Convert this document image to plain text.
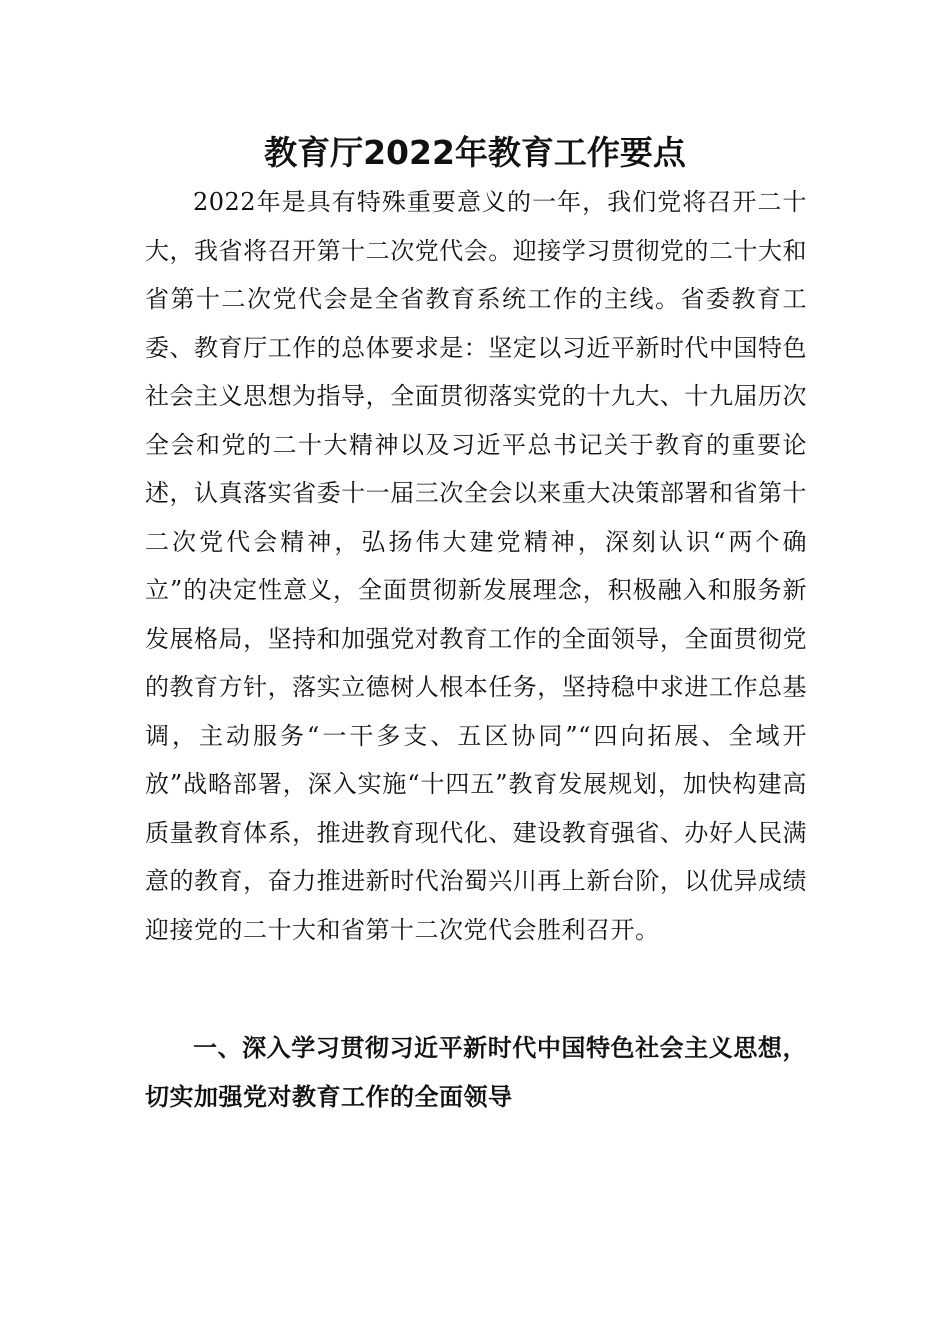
教育厅2022年教育工作要点

2022年是具有特殊重要意义的一年，我们党将召开二十大，我省将召开第十二次党代会。迎接学习贯彻党的二十大和省第十二次党代会是全省教育系统工作的主线。省委教育工委、教育厅工作的总体要求是：坚定以习近平新时代中国特色社会主义思想为指导，全面贯彻落实党的十九大、十九届历次全会和党的二十大精神以及习近平总书记关于教育的重要论述，认真落实省委十一届三次全会以来重大决策部署和省第十二次党代会精神，弘扬伟大建党精神，深刻认识“两个确立”的决定性意义，全面贯彻新发展理念，积极融入和服务新发展格局，坚持和加强党对教育工作的全面领导，全面贯彻党的教育方针，落实立德树人根本任务，坚持稳中求进工作总基调，主动服务“一干多支、五区协同”“四向拓展、全域开放”战略部署，深入实施“十四五”教育发展规划，加快构建高质量教育体系，推进教育现代化、建设教育强省、办好人民满意的教育，奋力推进新时代治蜀兴川再上新台阶，以优异成绩迎接党的二十大和省第十二次党代会胜利召开。

一、深入学习贯彻习近平新时代中国特色社会主义思想，切实加强党对教育工作的全面领导
